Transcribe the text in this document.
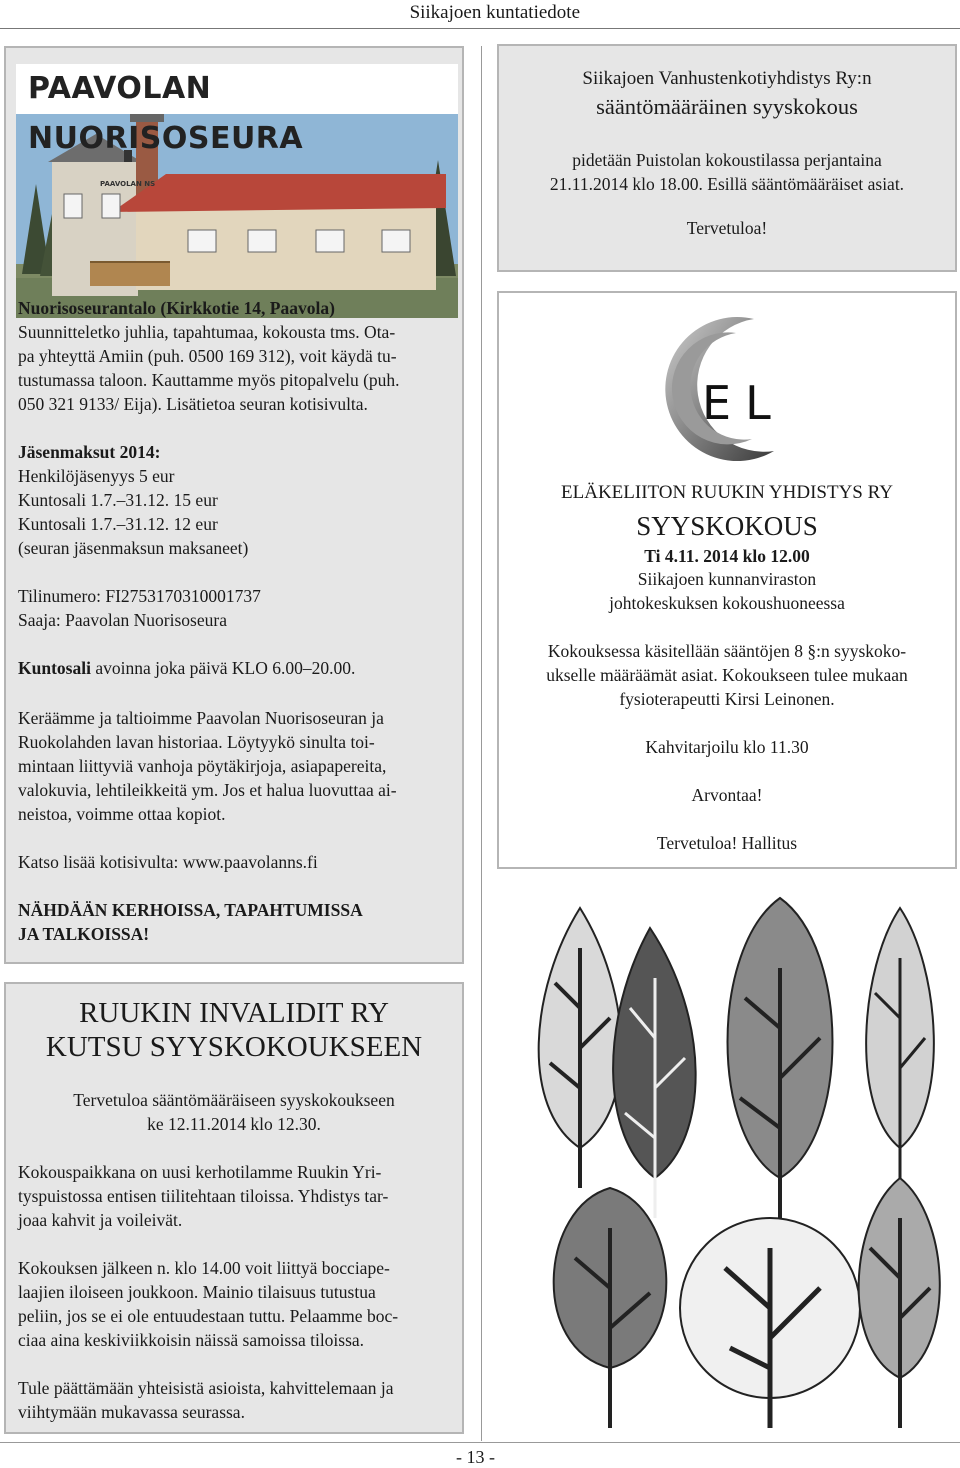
Siikajoen kuntatiedote
PAAVOLAN NS
PAAVOLAN NUORISOSEURA

Nuorisoseurantalo (Kirkkotie 14, Paavola)

Suunnitteletko juhlia, tapahtumaa, kokousta tms. Ota-

pa yhteyttä Amiin (puh. 0500 169 312), voit käydä tu-

tustumassa taloon. Kauttamme myös pitopalvelu (puh.

050 321 9133/ Eija). Lisätietoa seuran kotisivulta.

Jäsenmaksut 2014:

Henkilöjäsenyys 5 eur

Kuntosali 1.7.–31.12. 15 eur

Kuntosali 1.7.–31.12. 12 eur

(seuran jäsenmaksun maksaneet)

Tilinumero: FI2753170310001737

Saaja: Paavolan Nuorisoseura

Kuntosali avoinna joka päivä KLO 6.00–20.00.

Keräämme ja taltioimme Paavolan Nuorisoseuran ja

Ruokolahden lavan historiaa. Löytyykö sinulta toi-

mintaan liittyviä vanhoja pöytäkirjoja, asiapapereita,

valokuvia, lehtileikkeitä ym. Jos et halua luovuttaa ai-

neistoa, voimme ottaa kopiot.

Katso lisää kotisivulta: www.paavolanns.fi

NÄHDÄÄN KERHOISSA, TAPAHTUMISSA

JA TALKOISSA!

Siikajoen Vanhustenkotiyhdistys Ry:n
sääntömääräinen syyskokous
pidetään Puistolan kokoustilassa perjantaina
21.11.2014 klo 18.00. Esillä sääntömääräiset asiat.
Tervetuloa!
EL
ELÄKELIITON RUUKIN YHDISTYS RY
SYYSKOKOUS
Ti 4.11. 2014 klo 12.00
Siikajoen kunnanviraston
johtokeskuksen kokoushuoneessa
Kokouksessa käsitellään sääntöjen 8 §:n syyskoko-
ukselle määräämät asiat. Kokoukseen tulee mukaan
fysioterapeutti Kirsi Leinonen.
Kahvitarjoilu klo 11.30
Arvontaa!
Tervetuloa! Hallitus
RUUKIN INVALIDIT RY
KUTSU SYYSKOKOUKSEEN

Tervetuloa sääntömääräiseen syyskokoukseen

ke 12.11.2014 klo 12.30.

Kokouspaikkana on uusi kerhotilamme Ruukin Yri-

tyspuistossa entisen tiilitehtaan tiloissa. Yhdistys tar-

joaa kahvit ja voileivät.

Kokouksen jälkeen n. klo 14.00 voit liittyä bocciape-

laajien iloiseen joukkoon. Mainio tilaisuus tutustua

peliin, jos se ei ole entuudestaan tuttu. Pelaamme boc-

ciaa aina keskiviikkoisin näissä samoissa tiloissa.

Tule päättämään yhteisistä asioista, kahvittelemaan ja

viihtymään mukavassa seurassa.

- 13 -
